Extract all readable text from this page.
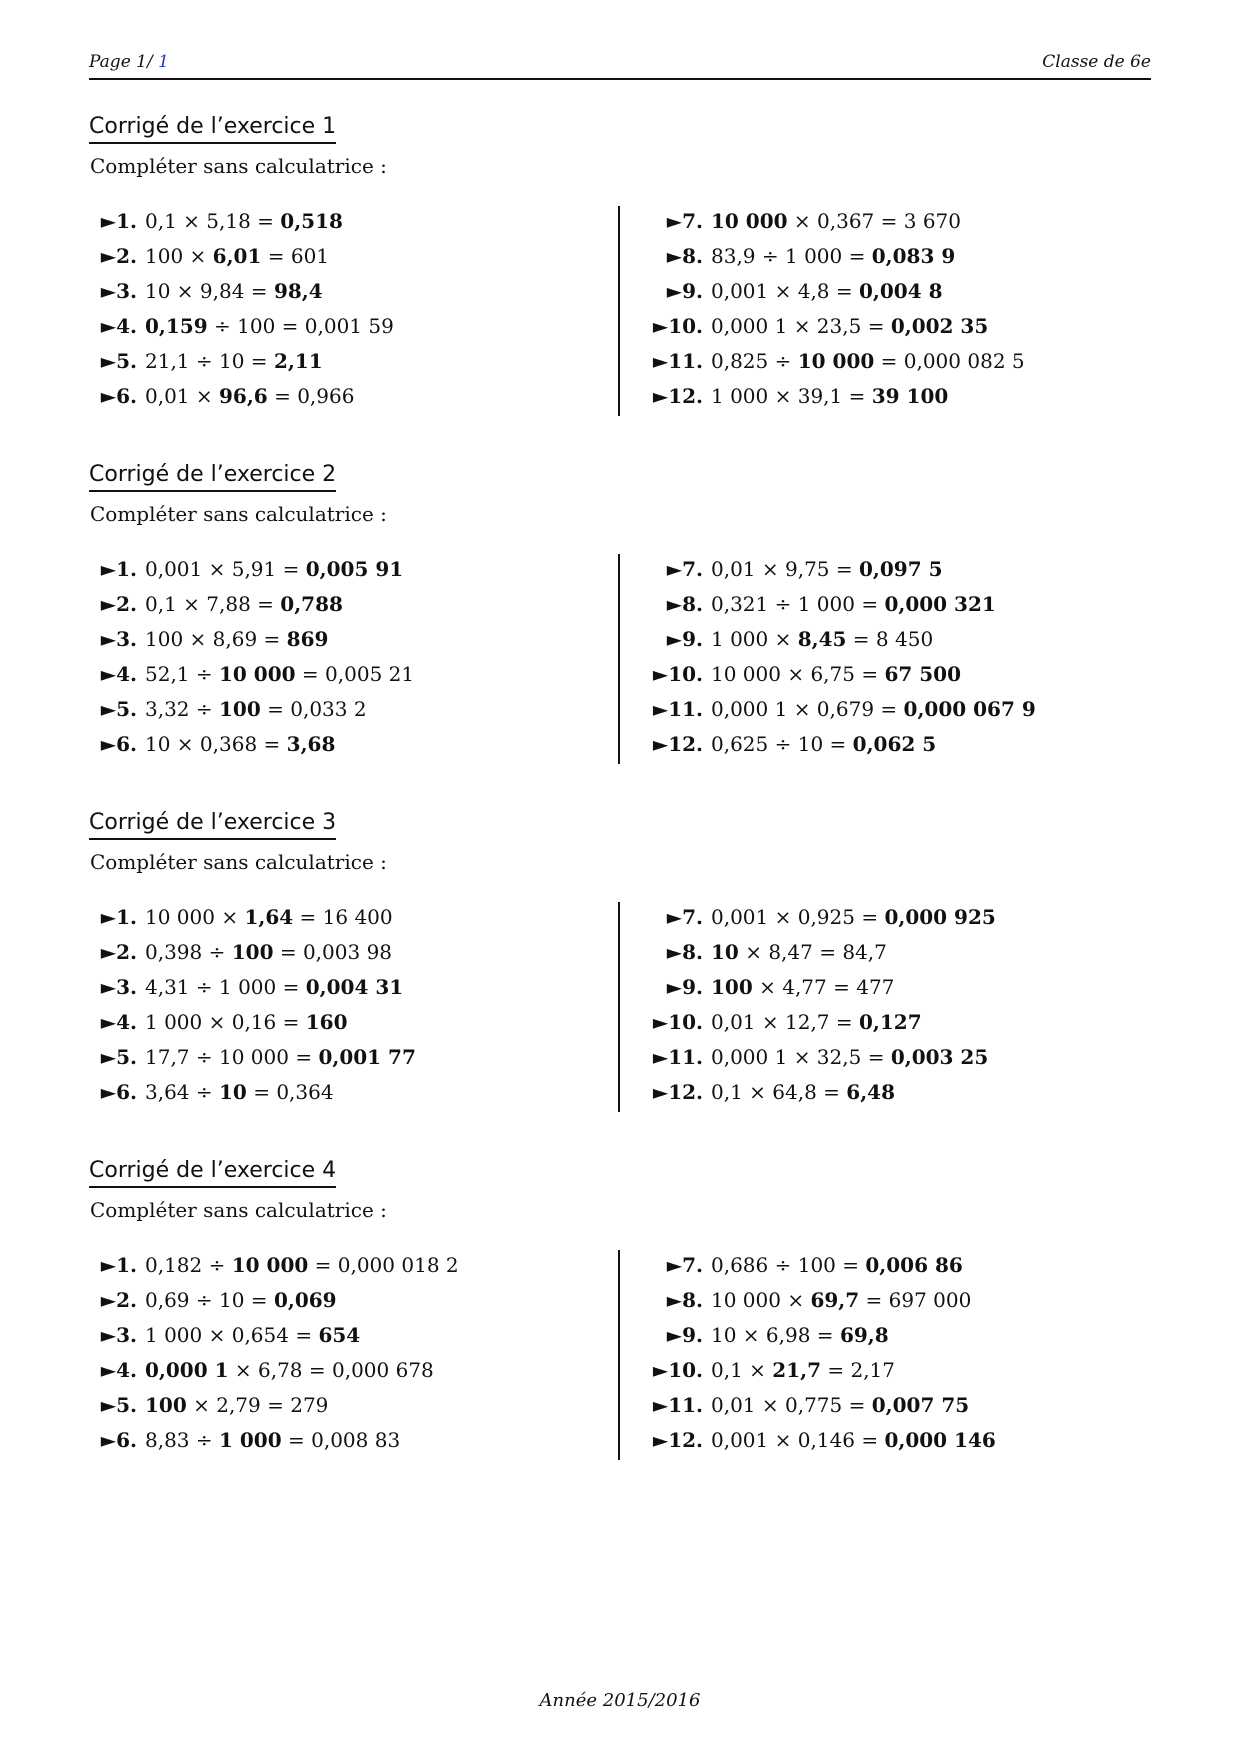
Page 1/ 1	Classe de 6e
Corrigé de l’exercice 1
Compléter sans calculatrice :
►1. 0,1 × 5,18 = 0,518
►2. 100 × 6,01 = 601
►3. 10 × 9,84 = 98,4
►4. 0,159 ÷ 100 = 0,001 59
►5. 21,1 ÷ 10 = 2,11
►6. 0,01 × 96,6 = 0,966
►7. 10 000 × 0,367 = 3 670
►8. 83,9 ÷ 1 000 = 0,083 9
►9. 0,001 × 4,8 = 0,004 8
►10. 0,000 1 × 23,5 = 0,002 35
►11. 0,825 ÷ 10 000 = 0,000 082 5
►12. 1 000 × 39,1 = 39 100
Corrigé de l’exercice 2
Compléter sans calculatrice :
►1. 0,001 × 5,91 = 0,005 91
►2. 0,1 × 7,88 = 0,788
►3. 100 × 8,69 = 869
►4. 52,1 ÷ 10 000 = 0,005 21
►5. 3,32 ÷ 100 = 0,033 2
►6. 10 × 0,368 = 3,68
►7. 0,01 × 9,75 = 0,097 5
►8. 0,321 ÷ 1 000 = 0,000 321
►9. 1 000 × 8,45 = 8 450
►10. 10 000 × 6,75 = 67 500
►11. 0,000 1 × 0,679 = 0,000 067 9
►12. 0,625 ÷ 10 = 0,062 5
Corrigé de l’exercice 3
Compléter sans calculatrice :
►1. 10 000 × 1,64 = 16 400
►2. 0,398 ÷ 100 = 0,003 98
►3. 4,31 ÷ 1 000 = 0,004 31
►4. 1 000 × 0,16 = 160
►5. 17,7 ÷ 10 000 = 0,001 77
►6. 3,64 ÷ 10 = 0,364
►7. 0,001 × 0,925 = 0,000 925
►8. 10 × 8,47 = 84,7
►9. 100 × 4,77 = 477
►10. 0,01 × 12,7 = 0,127
►11. 0,000 1 × 32,5 = 0,003 25
►12. 0,1 × 64,8 = 6,48
Corrigé de l’exercice 4
Compléter sans calculatrice :
►1. 0,182 ÷ 10 000 = 0,000 018 2
►2. 0,69 ÷ 10 = 0,069
►3. 1 000 × 0,654 = 654
►4. 0,000 1 × 6,78 = 0,000 678
►5. 100 × 2,79 = 279
►6. 8,83 ÷ 1 000 = 0,008 83
►7. 0,686 ÷ 100 = 0,006 86
►8. 10 000 × 69,7 = 697 000
►9. 10 × 6,98 = 69,8
►10. 0,1 × 21,7 = 2,17
►11. 0,01 × 0,775 = 0,007 75
►12. 0,001 × 0,146 = 0,000 146
Année 2015/2016
